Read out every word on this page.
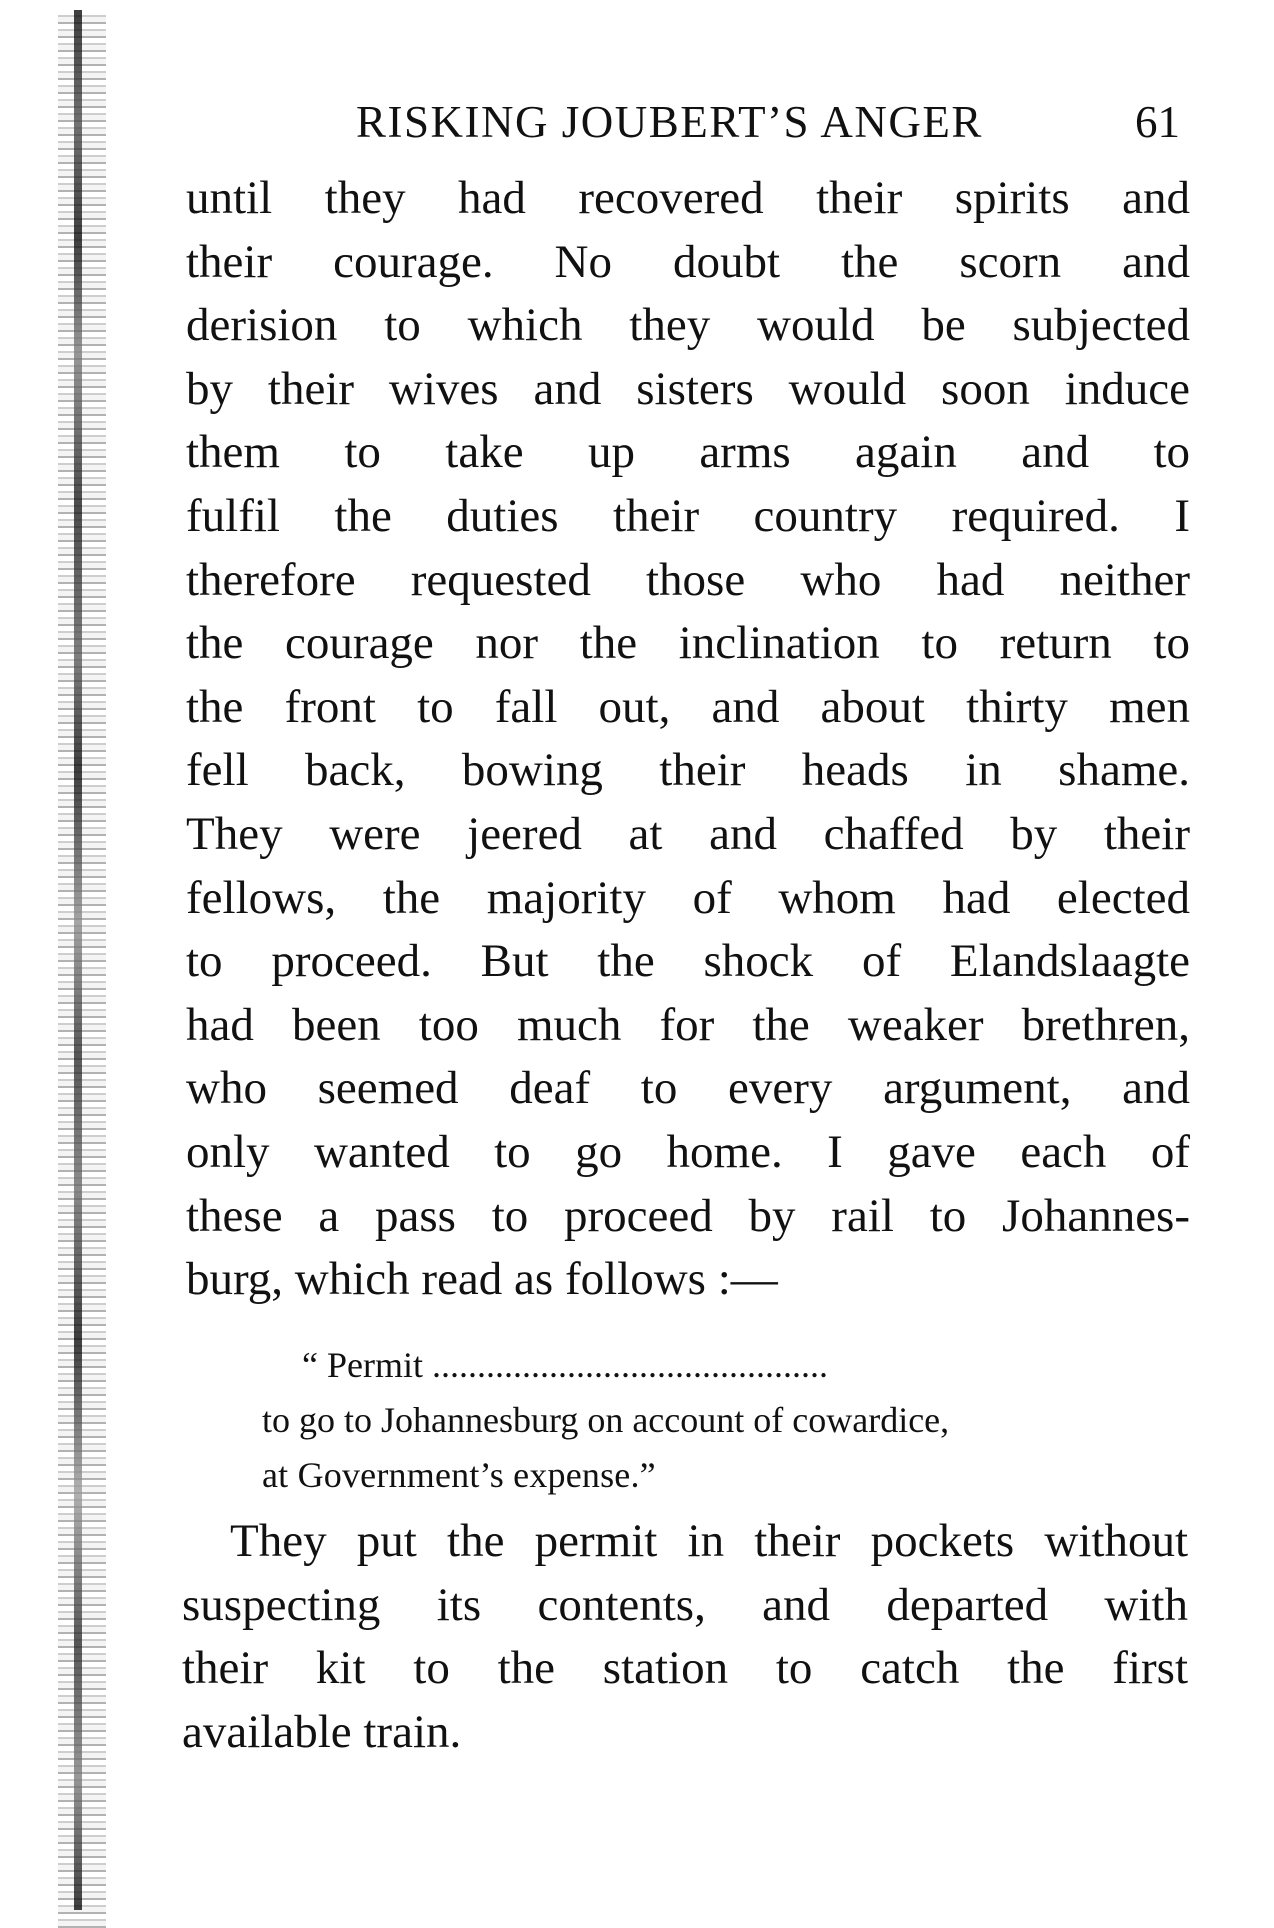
RISKING JOUBERT’S ANGER	61
until they had recovered their spirits and
their courage. No doubt the scorn and
derision to which they would be subjected
by their wives and sisters would soon induce
them to take up arms again and to
fulfil the duties their country required. I
therefore requested those who had neither
the courage nor the inclination to return to
the front to fall out, and about thirty men
fell back, bowing their heads in shame.
They were jeered at and chaffed by their
fellows, the majority of whom had elected
to proceed. But the shock of Elandslaagte
had been too much for the weaker brethren,
who seemed deaf to every argument, and
only wanted to go home. I gave each of
these a pass to proceed by rail to Johannes-
burg, which read as follows :—
“ Permit ............................................
to go to Johannesburg on account of cowardice,
at Government’s expense.”
They put the permit in their pockets without
suspecting its contents, and departed with
their kit to the station to catch the first
available train.
